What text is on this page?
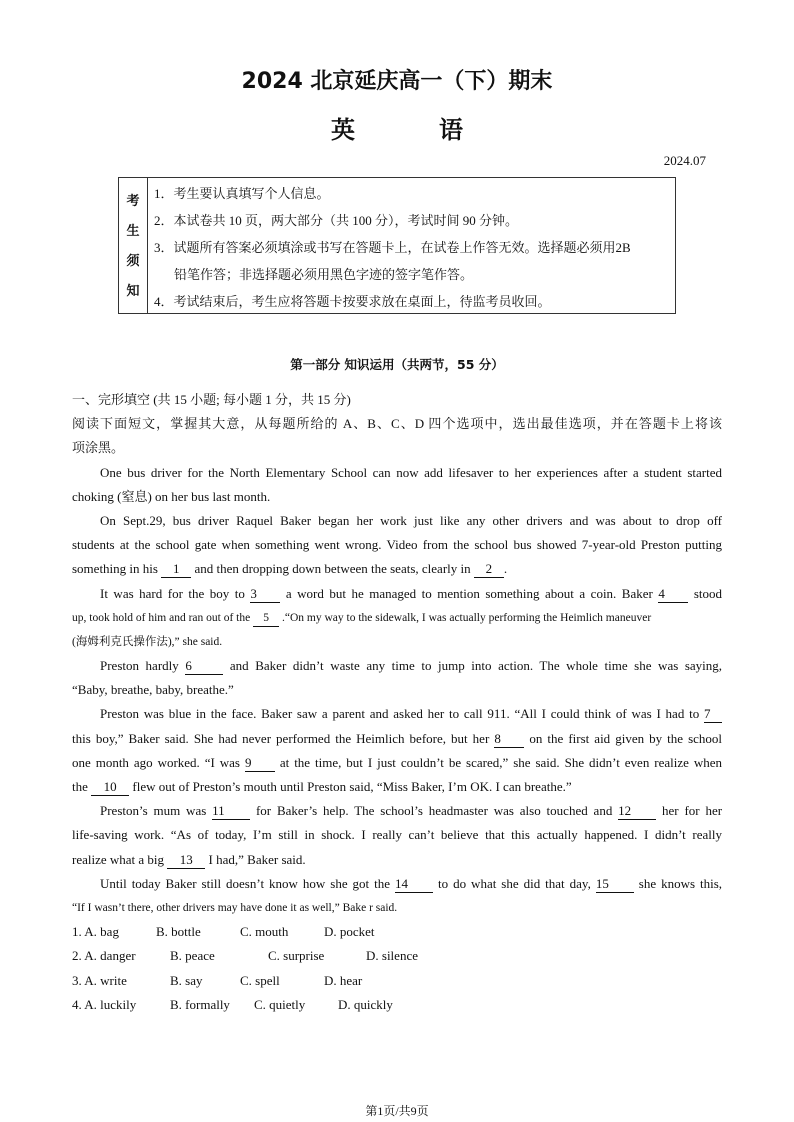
2024 北京延庆高一（下）期末
英　语
2024.07
考
生
须
知
1．考生要认真填写个人信息。
2．本试卷共 10 页，两大部分（共 100 分），考试时间 90 分钟。
3．试题所有答案必须填涂或书写在答题卡上，在试卷上作答无效。选择题必须用2B
铅笔作答；非选择题必须用黑色字迹的签字笔作答。
4．考试结束后，考生应将答题卡按要求放在桌面上，待监考员收回。
第一部分 知识运用（共两节，55 分）
一、完形填空 (共 15 小题; 每小题 1 分，共 15 分)
阅读下面短文，掌握其大意，从每题所给的 A、B、C、D 四个选项中，选出最佳选项，并在答题卡上将该
项涂黑。
One bus driver for the North Elementary School can now add lifesaver to her experiences after a student started
choking (窒息) on her bus last month.
On Sept.29, bus driver Raquel Baker began her work just like any other drivers and was about to drop off
students at the school gate when something went wrong. Video from the school bus showed 7-year-old Preston putting
something in his 1 and then dropping down between the seats, clearly in 2 .
It was hard for the boy to 3 a word but he managed to mention something about a coin. Baker 4 stood
up, took hold of him and ran out of the 5 .“On my way to the sidewalk, I was actually performing the Heimlich maneuver
(海姆利克氏操作法),” she said.
Preston hardly 6	and Baker didn’t waste any time to jump into action. The whole time she was saying,
“Baby, breathe, baby, breathe.”
Preston was blue in the face. Baker saw a parent and asked her to call 911. “All I could think of was I had to 7
this boy,” Baker said. She had never performed the Heimlich before, but her 8 on the first aid given by the school
one month ago worked. “I was 9 at the time, but I just couldn’t be scared,” she said. She didn’t even realize when
the 10 flew out of Preston’s mouth until Preston said, “Miss Baker, I’m OK. I can breathe.”
Preston’s mum was 11 for Baker’s help. The school’s headmaster was also touched and 12 her for her
life-saving work. “As of today, I’m still in shock. I really can’t believe that this actually happened. I didn’t really
realize what a big 13 I had,” Baker said.
Until today Baker still doesn’t know how she got the 14 to do what she did that day, 15 she knows this,
“If I wasn’t there, other drivers may have done it as well,” Bake r said.
1. A. bag	B. bottle	C. mouth	D. pocket
2. A. danger	B. peace	C. surprise	D. silence
3. A. write	B. say	C. spell	D. hear
4. A. luckily	B. formally C. quietly	D. quickly
第1页/共9页
